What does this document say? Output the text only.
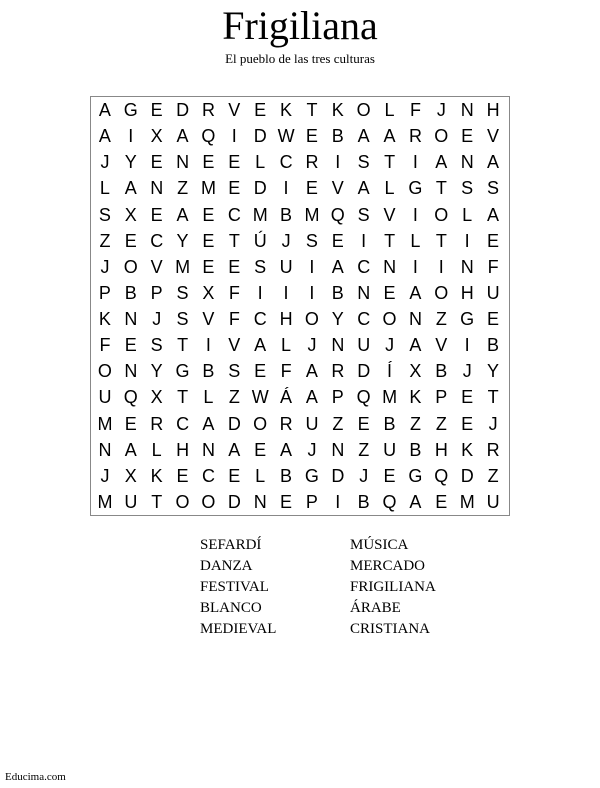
Frigiliana
El pueblo de las tres culturas
A G E D R V E K T K O L F J N H
A I X A Q I D W E B A A R O E V
J Y E N E E L C R I S T I A N A
L A N Z M E D I E V A L G T S S
S X E A E C M B M Q S V I O L A
Z E C Y E T Ú J S E I T L T I E
J O V M E E S U I A C N I	I N F
P B P S X F I	I	I B N E A O H U
K N J S V F C H O Y C O N Z G E
F E S T I V A L J N U J A V I B
O N Y G B S E F A R D Í X B J Y
U Q X T L Z W Á A P Q M K P E T
M E R C A D O R U Z E B Z Z E J
N A L H N A E A J N Z U B H K R
J X K E C E L B G D J E G Q D Z
M U T O O D N E P I B Q A E M U
SEFARDÍ	MÚSICA
DANZA	MERCADO
FESTIVAL	FRIGILIANA
BLANCO	ÁRABE
MEDIEVAL	CRISTIANA
Educima.com
